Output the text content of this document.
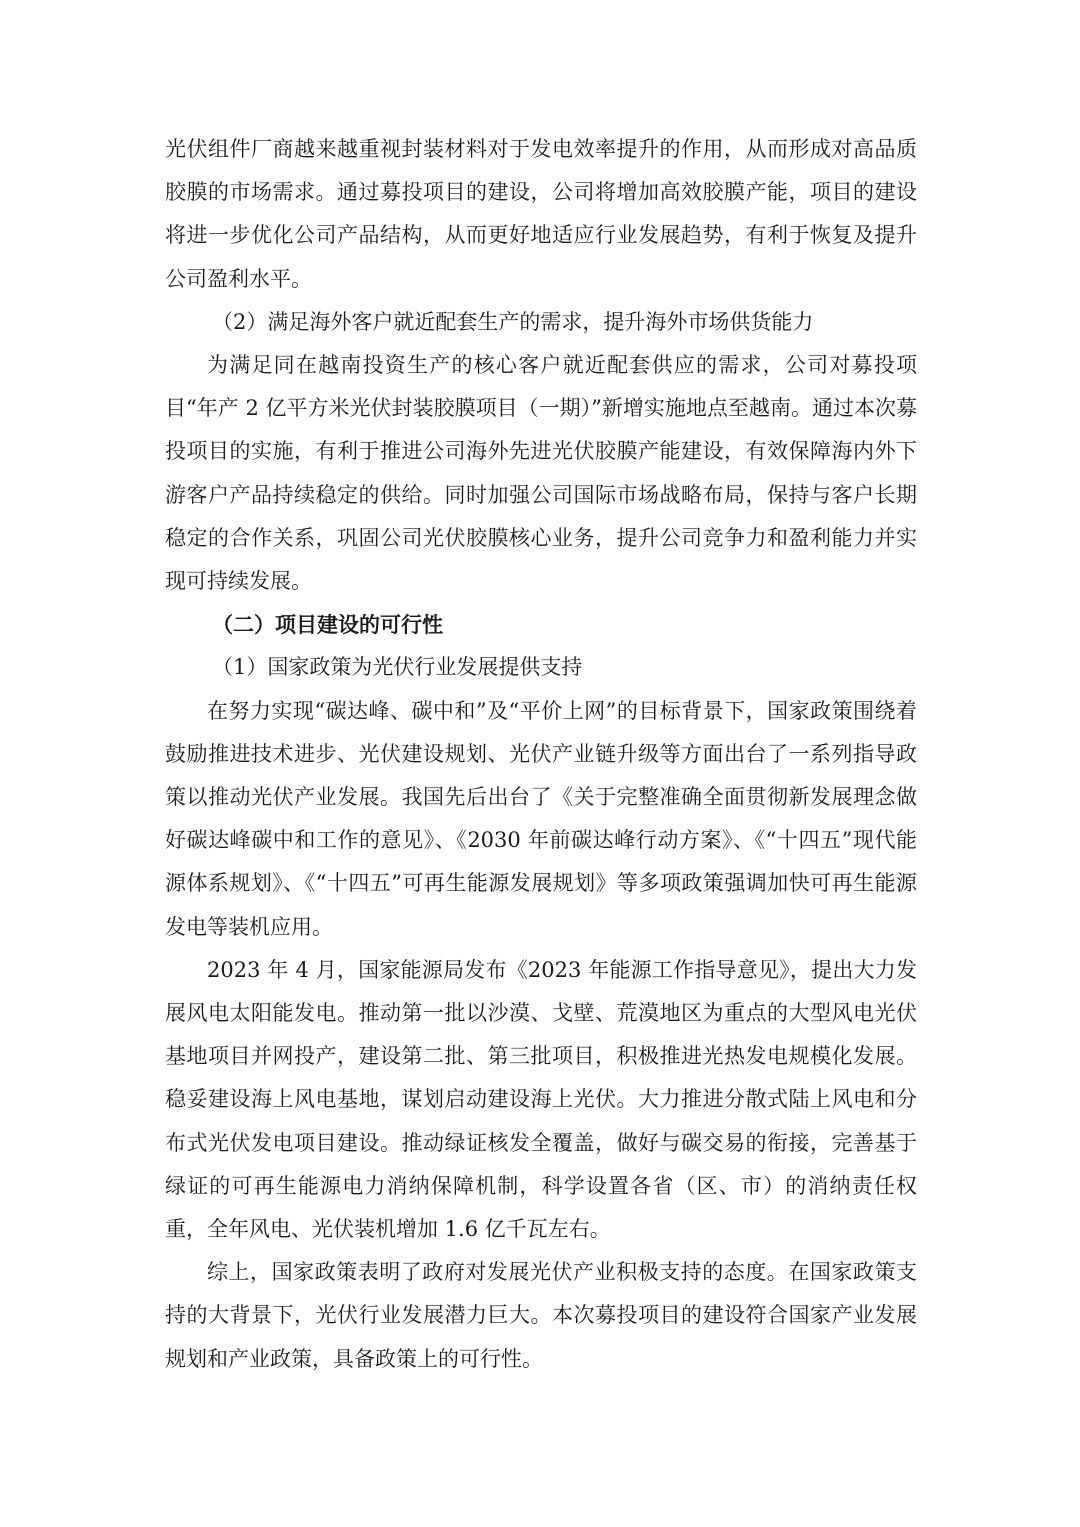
光伏组件厂商越来越重视封装材料对于发电效率提升的作用，从而形成对高品质胶膜的市场需求。通过募投项目的建设，公司将增加高效胶膜产能，项目的建设将进一步优化公司产品结构，从而更好地适应行业发展趋势，有利于恢复及提升公司盈利水平。

（2）满足海外客户就近配套生产的需求，提升海外市场供货能力

为满足同在越南投资生产的核心客户就近配套供应的需求，公司对募投项目“年产 2 亿平方米光伏封装胶膜项目（一期）”新增实施地点至越南。通过本次募投项目的实施，有利于推进公司海外先进光伏胶膜产能建设，有效保障海内外下游客户产品持续稳定的供给。同时加强公司国际市场战略布局，保持与客户长期稳定的合作关系，巩固公司光伏胶膜核心业务，提升公司竞争力和盈利能力并实现可持续发展。

（二）项目建设的可行性

（1）国家政策为光伏行业发展提供支持

在努力实现“碳达峰、碳中和”及“平价上网”的目标背景下，国家政策围绕着鼓励推进技术进步、光伏建设规划、光伏产业链升级等方面出台了一系列指导政策以推动光伏产业发展。我国先后出台了《关于完整准确全面贯彻新发展理念做好碳达峰碳中和工作的意见》、《2030 年前碳达峰行动方案》、《“十四五”现代能源体系规划》、《“十四五”可再生能源发展规划》等多项政策强调加快可再生能源发电等装机应用。

2023 年 4 月，国家能源局发布《2023 年能源工作指导意见》，提出大力发展风电太阳能发电。推动第一批以沙漠、戈壁、荒漠地区为重点的大型风电光伏基地项目并网投产，建设第二批、第三批项目，积极推进光热发电规模化发展。稳妥建设海上风电基地，谋划启动建设海上光伏。大力推进分散式陆上风电和分布式光伏发电项目建设。推动绿证核发全覆盖，做好与碳交易的衔接，完善基于绿证的可再生能源电力消纳保障机制，科学设置各省（区、市）的消纳责任权重，全年风电、光伏装机增加 1.6 亿千瓦左右。

综上，国家政策表明了政府对发展光伏产业积极支持的态度。在国家政策支持的大背景下，光伏行业发展潜力巨大。本次募投项目的建设符合国家产业发展规划和产业政策，具备政策上的可行性。
